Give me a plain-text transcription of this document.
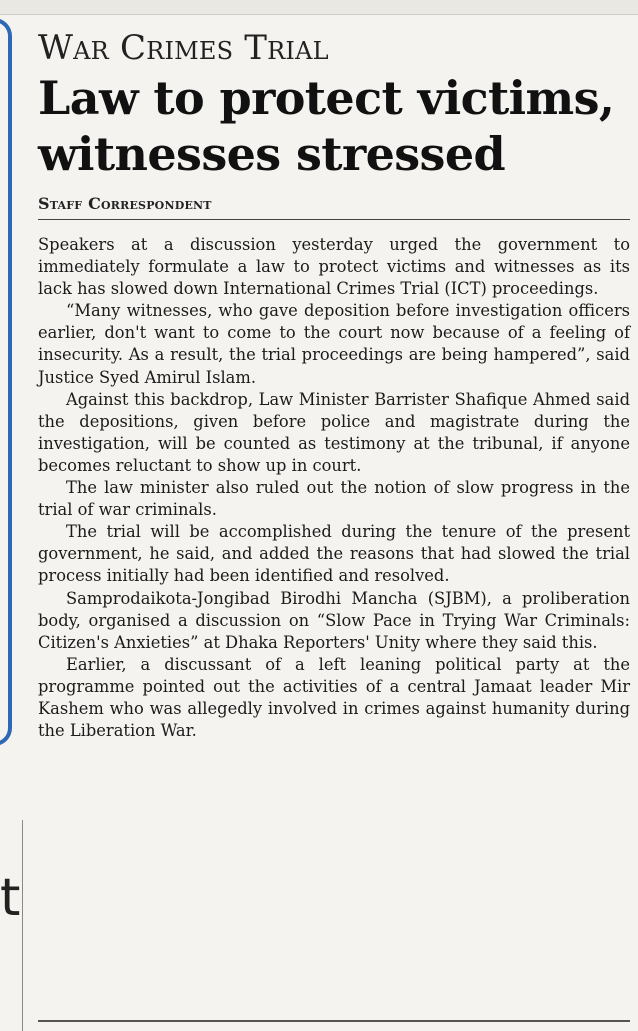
t
War Crimes Trial
Law to protect victims,
witnesses stressed
Staff Correspondent

Speakers at a discussion yesterday urged the government to immediately formulate a law to protect victims and witnesses as its lack has slowed down International Crimes Trial (ICT) proceedings.

“Many witnesses, who gave deposition before investigation officers earlier, don't want to come to the court now because of a feeling of insecurity. As a result, the trial proceedings are being hampered”, said Justice Syed Amirul Islam.

Against this backdrop, Law Minister Barrister Shafique Ahmed said the depositions, given before police and magistrate during the investigation, will be counted as testimony at the tribunal, if anyone becomes reluctant to show up in court.

The law minister also ruled out the notion of slow progress in the trial of war criminals.

The trial will be accomplished during the tenure of the present government, he said, and added the reasons that had slowed the trial process initially had been identified and resolved.

Samprodaikota-Jongibad Birodhi Mancha (SJBM), a proliberation body, organised a discussion on “Slow Pace in Trying War Criminals: Citizen's Anxieties” at Dhaka Reporters' Unity where they said this.

Earlier, a discussant of a left leaning political party at the programme pointed out the activities of a central Jamaat leader Mir Kashem who was allegedly involved in crimes against humanity during the Liberation War.
